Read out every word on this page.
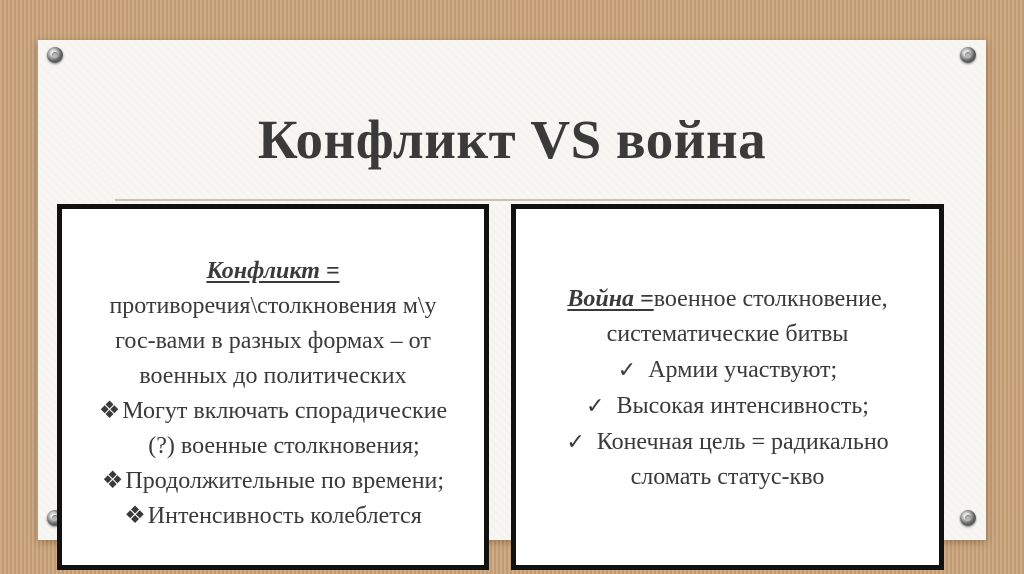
Конфликт VS война
Конфликт =
противоречия\столкновения м\у
гос-вами в разных формах – от
военных до политических
❖Могут включать спорадические
(?) военные столкновения;
❖Продолжительные по времени;
❖Интенсивность колеблется
Война =военное столкновение,
систематические битвы
✓ Армии участвуют;
✓ Высокая интенсивность;
✓ Конечная цель = радикально
сломать статус-кво
